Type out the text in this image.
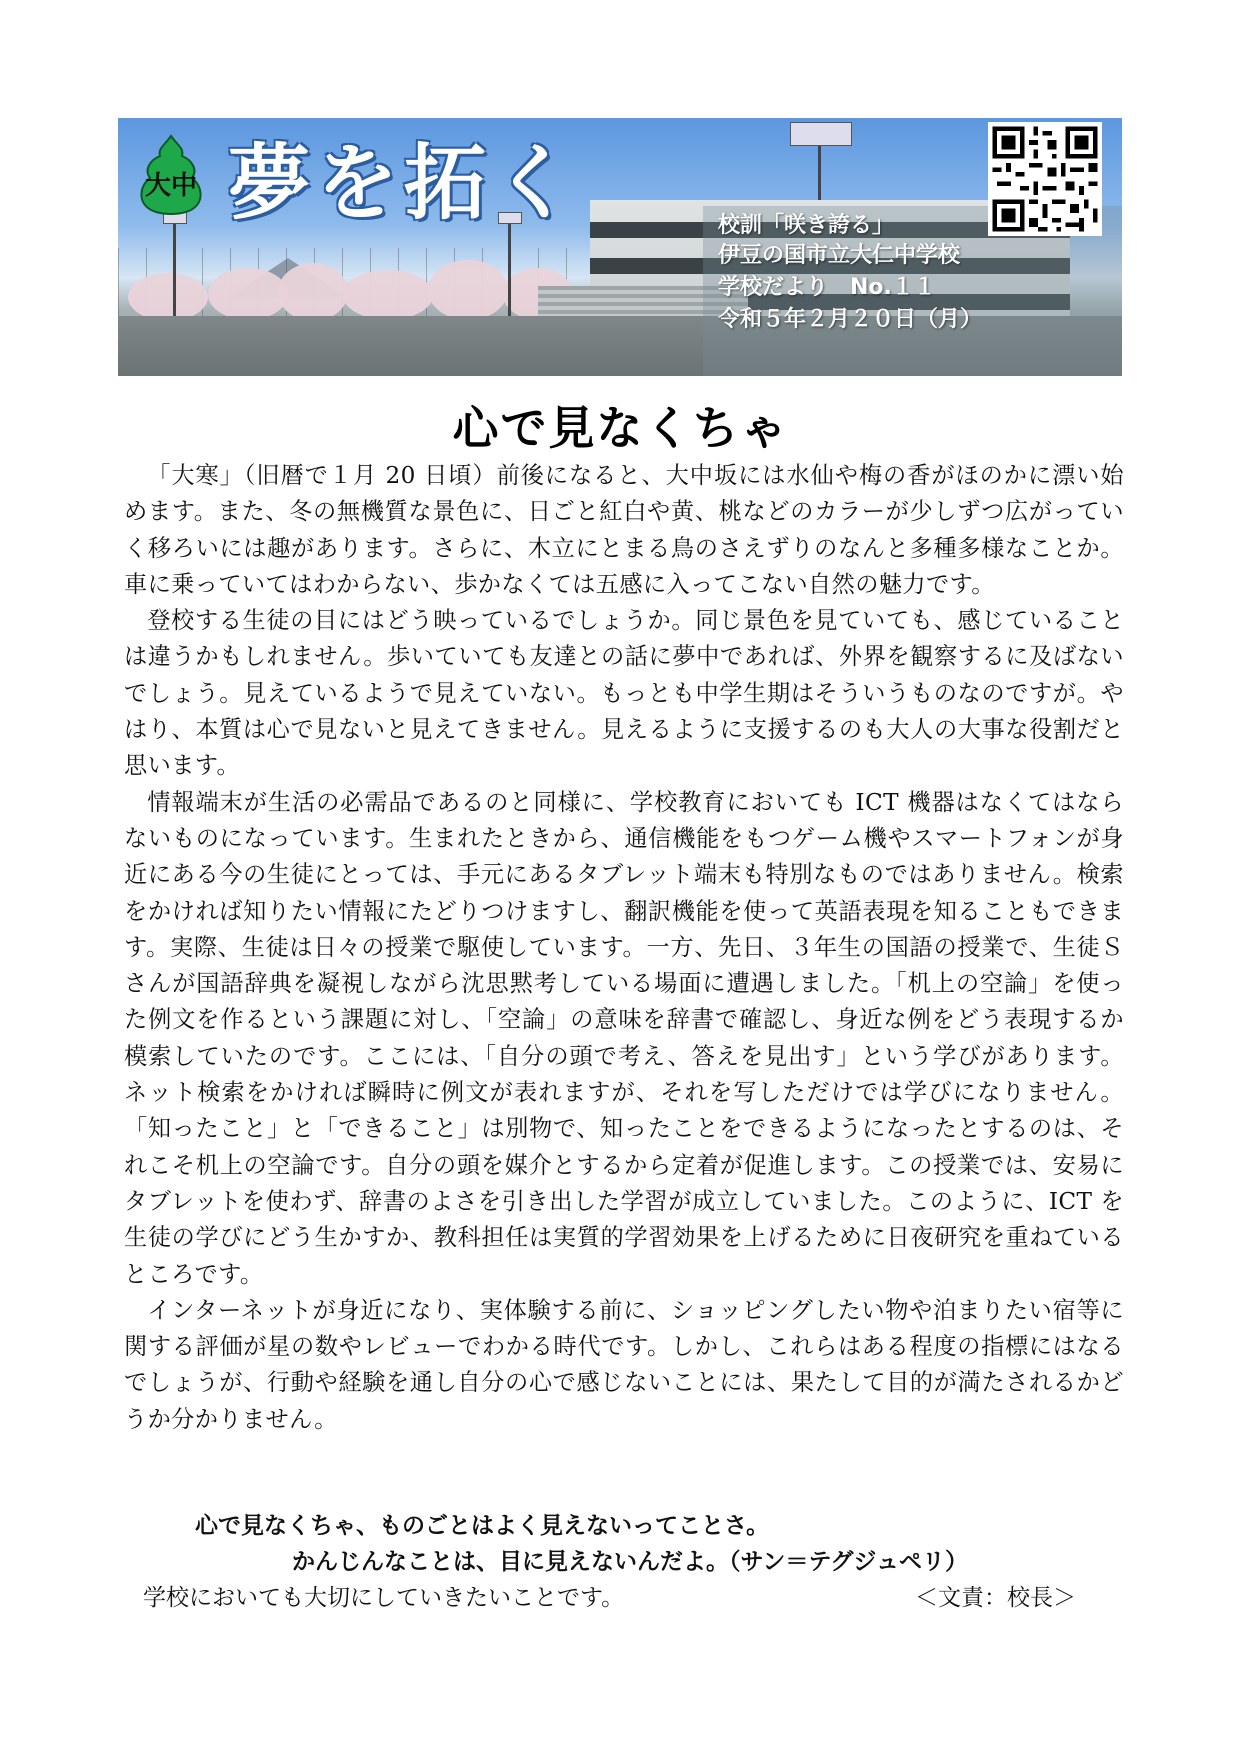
大中 夢を拓く	校訓「咲き誇る」
伊豆の国市立大仁中学校
学校だより　No.１１
令和５年２月２０日（月）
心で見なくちゃ

「大寒」（旧暦で１月 20 日頃）前後になると、大中坂には水仙や梅の香がほのかに漂い始めます。また、冬の無機質な景色に、日ごと紅白や黄、桃などのカラーが少しずつ広がっていく移ろいには趣があります。さらに、木立にとまる鳥のさえずりのなんと多種多様なことか。車に乗っていてはわからない、歩かなくては五感に入ってこない自然の魅力です。

登校する生徒の目にはどう映っているでしょうか。同じ景色を見ていても、感じていることは違うかもしれません。歩いていても友達との話に夢中であれば、外界を観察するに及ばないでしょう。見えているようで見えていない。もっとも中学生期はそういうものなのですが。やはり、本質は心で見ないと見えてきません。見えるように支援するのも大人の大事な役割だと思います。

情報端末が生活の必需品であるのと同様に、学校教育においても ICT 機器はなくてはならないものになっています。生まれたときから、通信機能をもつゲーム機やスマートフォンが身近にある今の生徒にとっては、手元にあるタブレット端末も特別なものではありません。検索をかければ知りたい情報にたどりつけますし、翻訳機能を使って英語表現を知ることもできます。実際、生徒は日々の授業で駆使しています。一方、先日、３年生の国語の授業で、生徒Ｓさんが国語辞典を凝視しながら沈思黙考している場面に遭遇しました。「机上の空論」を使った例文を作るという課題に対し、「空論」の意味を辞書で確認し、身近な例をどう表現するか模索していたのです。ここには、「自分の頭で考え、答えを見出す」という学びがあります。ネット検索をかければ瞬時に例文が表れますが、それを写しただけでは学びになりません。「知ったこと」と「できること」は別物で、知ったことをできるようになったとするのは、それこそ机上の空論です。自分の頭を媒介とするから定着が促進します。この授業では、安易にタブレットを使わず、辞書のよさを引き出した学習が成立していました。このように、ICT を生徒の学びにどう生かすか、教科担任は実質的学習効果を上げるために日夜研究を重ねているところです。

インターネットが身近になり、実体験する前に、ショッピングしたい物や泊まりたい宿等に関する評価が星の数やレビューでわかる時代です。しかし、これらはある程度の指標にはなるでしょうが、行動や経験を通し自分の心で感じないことには、果たして目的が満たされるかどうか分かりません。

心で見なくちゃ、ものごとはよく見えないってことさ。
かんじんなことは、目に見えないんだよ。（サン＝テグジュペリ）
学校においても大切にしていきたいことです。	＜文責：校長＞
